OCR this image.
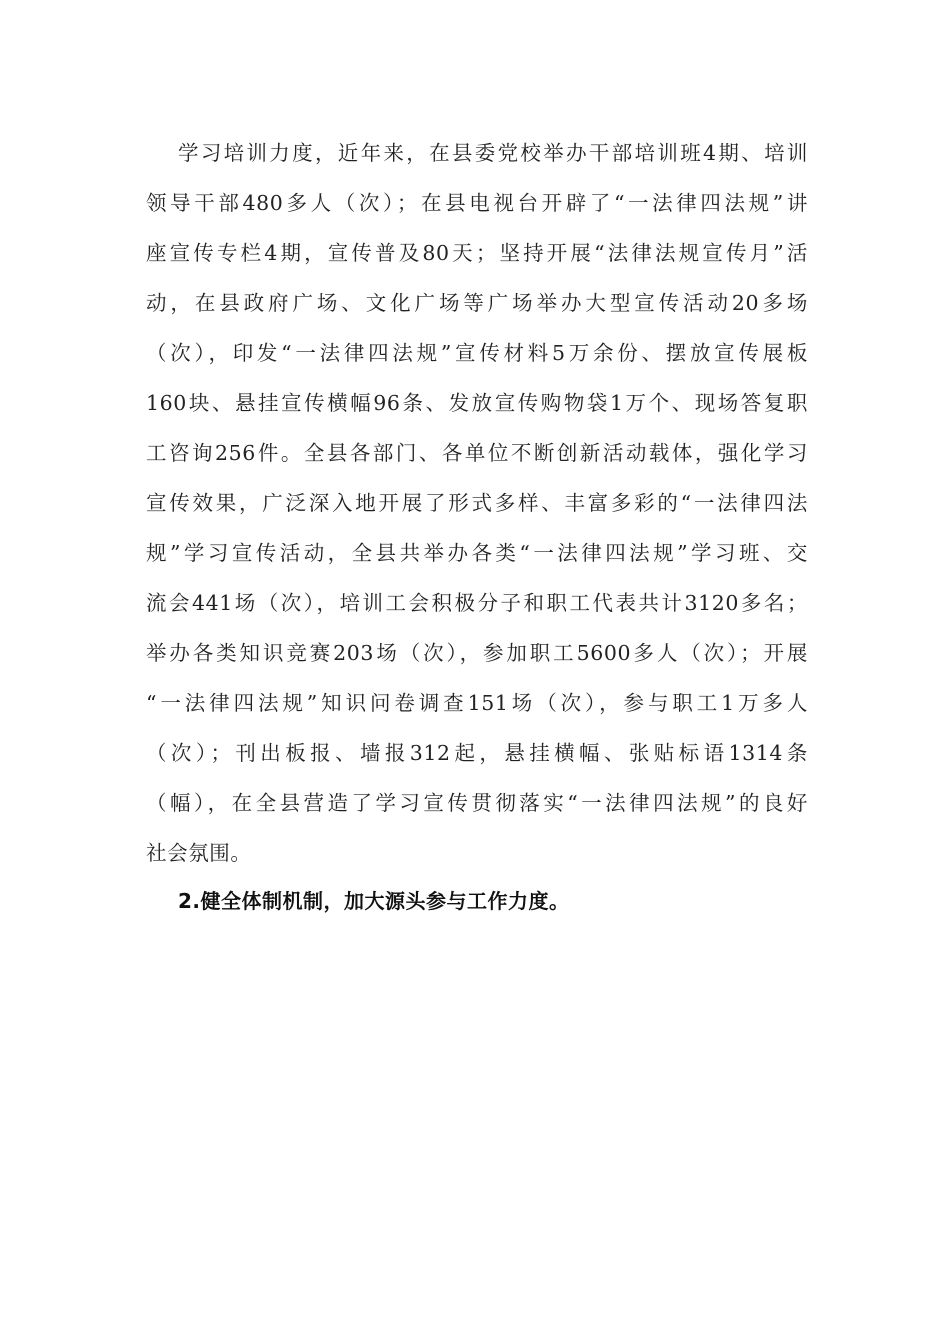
学习培训力度，近年来，在县委党校举办干部培训班4期、培训
领导干部480多人（次）；在县电视台开辟了“一法律四法规”讲
座宣传专栏4期，宣传普及80天；坚持开展“法律法规宣传月”活
动，在县政府广场、文化广场等广场举办大型宣传活动20多场
（次），印发“一法律四法规”宣传材料5万余份、摆放宣传展板
160块、悬挂宣传横幅96条、发放宣传购物袋1万个、现场答复职
工咨询256件。全县各部门、各单位不断创新活动载体，强化学习
宣传效果，广泛深入地开展了形式多样、丰富多彩的“一法律四法
规”学习宣传活动，全县共举办各类“一法律四法规”学习班、交
流会441场（次），培训工会积极分子和职工代表共计3120多名；
举办各类知识竞赛203场（次），参加职工5600多人（次）；开展
“一法律四法规”知识问卷调查151场（次），参与职工1万多人
（次）；刊出板报、墙报312起，悬挂横幅、张贴标语1314条
（幅），在全县营造了学习宣传贯彻落实“一法律四法规”的良好
社会氛围。
2.健全体制机制，加大源头参与工作力度。
